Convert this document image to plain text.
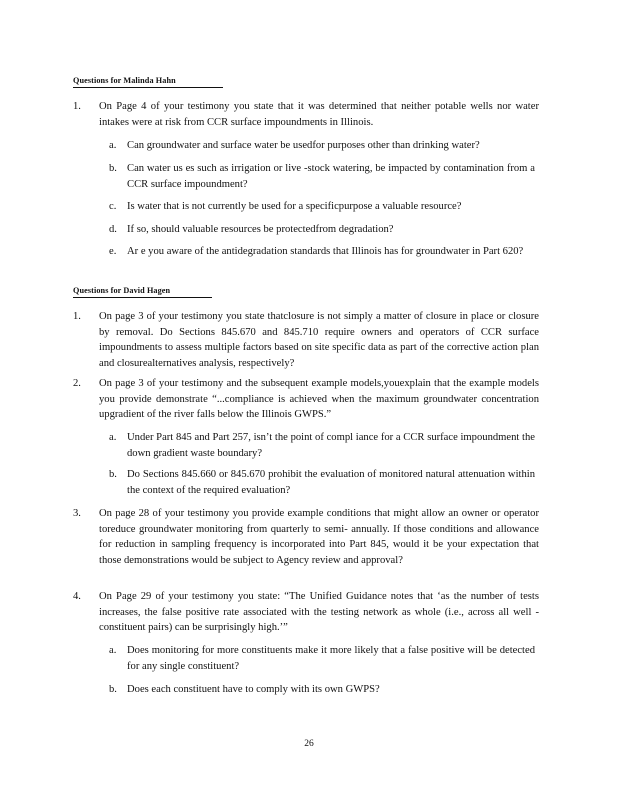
Questions for Malinda Hahn
1. On Page 4 of your testimony you state that it was determined that neither potable wells nor water intakes were at risk from CCR surface impoundments in Illinois.
a. Can groundwater and surface water be usedfor purposes other than drinking water?
b. Can water us es such as irrigation or live -stock watering, be impacted by contamination from a CCR surface impoundment?
c. Is water that is not currently be used for a specificpurpose a valuable resource?
d. If so, should valuable resources be protectedfrom degradation?
e. Ar e you aware of the antidegradation standards that Illinois has for groundwater in Part 620?
Questions for David Hagen
1. On page 3 of your testimony you state thatclosure is not simply a matter of closure in place or closure by removal. Do Sections 845.670 and 845.710 require owners and operators of CCR surface impoundments to assess multiple factors based on site specific data as part of the corrective action plan and closurealternatives analysis, respectively?
2. On page 3 of your testimony and the subsequent example models,youexplain that the example models you provide demonstrate “...compliance is achieved when the maximum groundwater concentration upgradient of the river falls below the Illinois GWPS.”
a. Under Part 845 and Part 257, isn’t the point of compl iance for a CCR surface impoundment the down gradient waste boundary?
b. Do Sections 845.660 or 845.670 prohibit the evaluation of monitored natural attenuation within the context of the required evaluation?
3. On page 28 of your testimony you provide example conditions that might allow an owner or operator toreduce groundwater monitoring from quarterly to semi- annually. If those conditions and allowance for reduction in sampling frequency is incorporated into Part 845, would it be your expectation that those demonstrations would be subject to Agency review and approval?
4. On Page 29 of your testimony you state: “The Unified Guidance notes that ‘as the number of tests increases, the false positive rate associated with the testing network as whole (i.e., across all well -constituent pairs) can be surprisingly high.’”
a. Does monitoring for more constituents make it more likely that a false positive will be detected for any single constituent?
b. Does each constituent have to comply with its own GWPS?
26
